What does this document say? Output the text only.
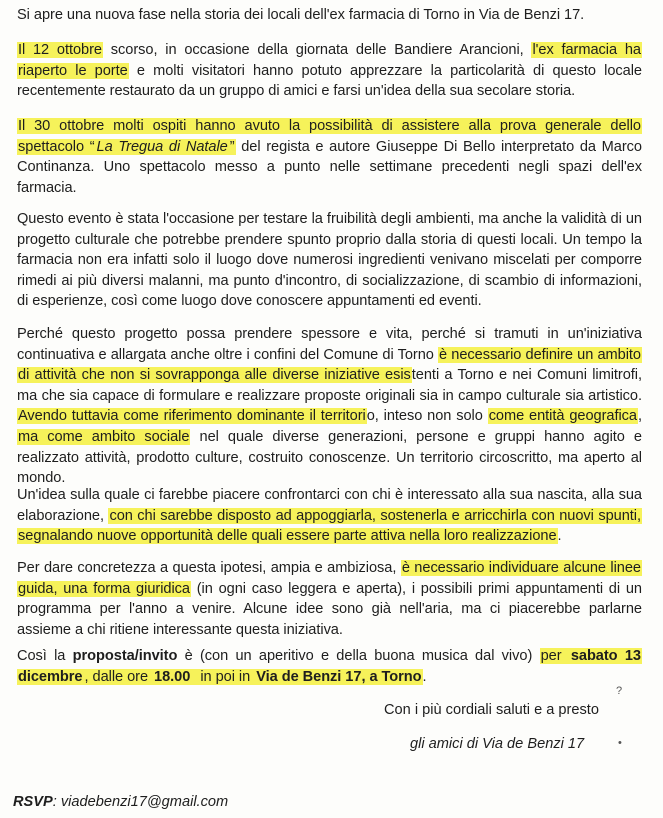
Si apre una nuova fase nella storia dei locali dell'ex farmacia di Torno in Via de Benzi 17.

Il 12 ottobre scorso, in occasione della giornata delle Bandiere Arancioni, l'ex farmacia ha riaperto le porte e molti visitatori hanno potuto apprezzare la particolarità di questo locale recentemente restaurato da un gruppo di amici e farsi un'idea della sua secolare storia.

Il 30 ottobre molti ospiti hanno avuto la possibilità di assistere alla prova generale dello spettacolo “ La Tregua di Natale ” del regista e autore Giuseppe Di Bello interpretato da Marco Continanza. Uno spettacolo messo a punto nelle settimane precedenti negli spazi dell'ex farmacia.

Questo evento è stata l'occasione per testare la fruibilità degli ambienti, ma anche la validità di un progetto culturale che potrebbe prendere spunto proprio dalla storia di questi locali. Un tempo la farmacia non era infatti solo il luogo dove numerosi ingredienti venivano miscelati per comporre rimedi ai più diversi malanni, ma punto d'incontro, di socializzazione, di scambio di informazioni, di esperienze, così come luogo dove conoscere appuntamenti ed eventi.

Perché questo progetto possa prendere spessore e vita, perché si tramuti in un'iniziativa continuativa e allargata anche oltre i confini del Comune di Torno è necessario definire un ambito di attività che non si sovrapponga alle diverse iniziative esistenti a Torno e nei Comuni limitrofi, ma che sia capace di formulare e realizzare proposte originali sia in campo culturale sia artistico. Avendo tuttavia come riferimento dominante il territorio, inteso non solo come entità geografica, ma come ambito sociale nel quale diverse generazioni, persone e gruppi hanno agito e realizzato attività, prodotto culture, costruito conoscenze. Un territorio circoscritto, ma aperto al mondo.

Un'idea sulla quale ci farebbe piacere confrontarci con chi è interessato alla sua nascita, alla sua elaborazione, con chi sarebbe disposto ad appoggiarla, sostenerla e arricchirla con nuovi spunti, segnalando nuove opportunità delle quali essere parte attiva nella loro realizzazione.

Per dare concretezza a questa ipotesi, ampia e ambiziosa, è necessario individuare alcune linee guida, una forma giuridica (in ogni caso leggera e aperta), i possibili primi appuntamenti di un programma per l'anno a venire. Alcune idee sono già nell'aria, ma ci piacerebbe parlarne assieme a chi ritiene interessante questa iniziativa.

Così la proposta/invito è (con un aperitivo e della buona musica dal vivo) per sabato 13 dicembre , dalle ore 18.00  in poi in Via de Benzi 17, a Torno.

Con i più cordiali saluti e a presto

?

gli amici di Via de Benzi 17	•

RSVP: viadebenzi17@gmail.com
